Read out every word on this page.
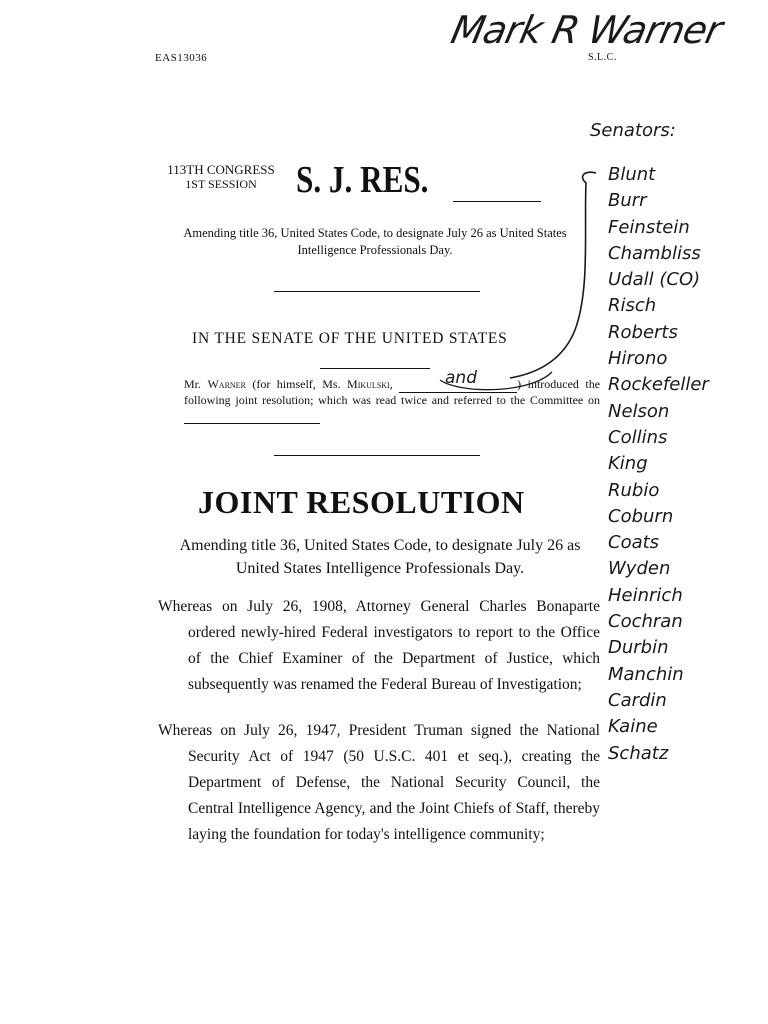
EAS13036
Mark R Warner
S.L.C.
113TH CONGRESS
1ST SESSION	S. J. RES.
Amending title 36, United States Code, to designate July 26 as United States Intelligence Professionals Day.
IN THE SENATE OF THE UNITED STATES
Mr. Warner (for himself, Ms. Mikulski,	) introduced the following joint resolution; which was read twice and referred to the Committee on
and
JOINT RESOLUTION
Amending title 36, United States Code, to designate July 26 as United States Intelligence Professionals Day.

Whereas on July 26, 1908, Attorney General Charles Bonaparte ordered newly-hired Federal investigators to report to the Office of the Chief Examiner of the Department of Justice, which subsequently was renamed the Federal Bureau of Investigation;

Whereas on July 26, 1947, President Truman signed the National Security Act of 1947 (50 U.S.C. 401 et seq.), creating the Department of Defense, the National Security Council, the Central Intelligence Agency, and the Joint Chiefs of Staff, thereby laying the foundation for today's intelligence community;

Senators:
Blunt
Burr
Feinstein
Chambliss
Udall (CO)
Risch
Roberts
Hirono
Rockefeller
Nelson
Collins
King
Rubio
Coburn
Coats
Wyden
Heinrich
Cochran
Durbin
Manchin
Cardin
Kaine
Schatz
